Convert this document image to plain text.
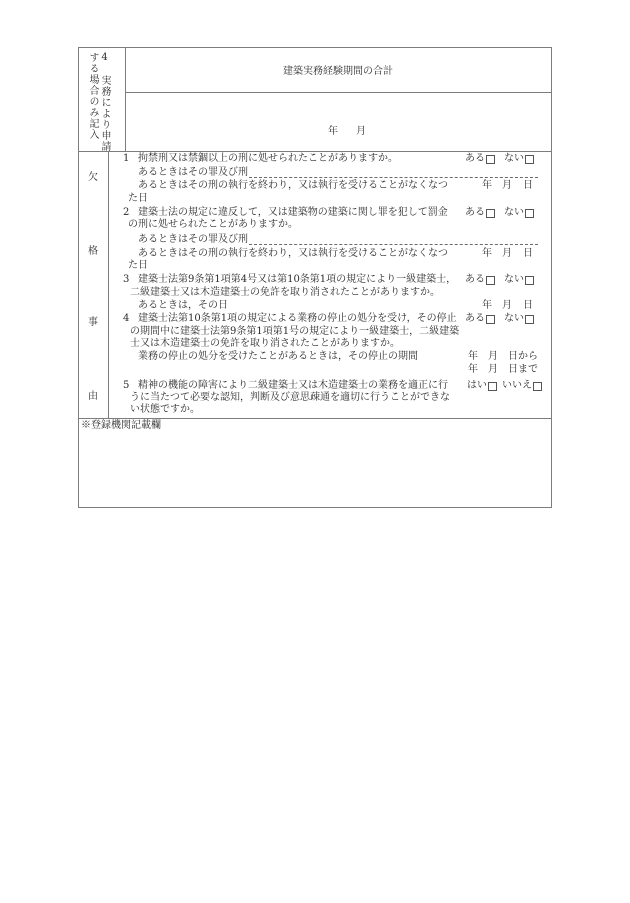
4　実務により申請
する場合のみ記入	建築実務経験期間の合計
年 月
欠
格
事
由
1 拘禁刑又は禁錮以上の刑に処せられたことがありますか。	ある ない
あるときはその罪及び刑
あるときはその刑の執行を終わり，又は執行を受けることがなくなつ	年 月 日
た日
2 建築士法の規定に違反して，又は建築物の建築に関し罪を犯して罰金 ある ない
の刑に処せられたことがありますか。
あるときはその罪及び刑
あるときはその刑の執行を終わり，又は執行を受けることがなくなつ	年 月 日
た日
3 建築士法第9条第1項第4号又は第10条第1項の規定により一級建築士， ある ない
二級建築士又は木造建築士の免許を取り消されたことがありますか。
あるときは，その日	年 月 日
4 建築士法第10条第1項の規定による業務の停止の処分を受け，その停止 ある ない
の期間中に建築士法第9条第1項第1号の規定により一級建築士，二級建築
士又は木造建築士の免許を取り消されたことがありますか。
業務の停止の処分を受けたことがあるときは，その停止の期間	年 月 日から
年 月 日まで
5 精神の機能の障害により二級建築士又は木造建築士の業務を適正に行 はい いいえ
うに当たつて必要な認知，判断及び意思疎通を適切に行うことができな
い状態ですか。
※登録機関記載欄
